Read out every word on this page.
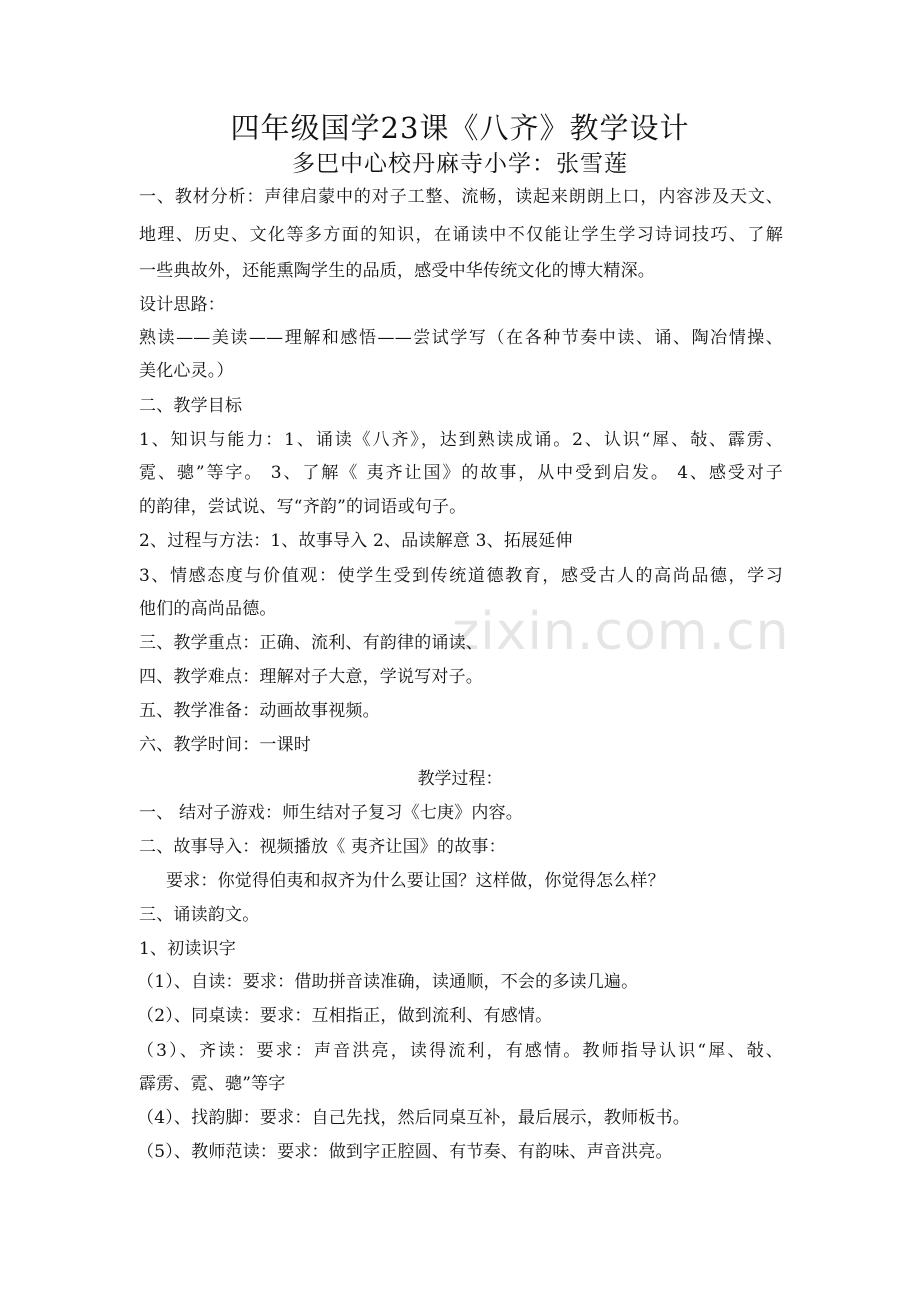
四年级国学23课《八齐》教学设计
多巴中心校丹麻寺小学：张雪莲
一、教材分析：声律启蒙中的对子工整、流畅，读起来朗朗上口，内容涉及天文、
地理、历史、文化等多方面的知识，在诵读中不仅能让学生学习诗词技巧、了解
一些典故外，还能熏陶学生的品质，感受中华传统文化的博大精深。
设计思路：
熟读——美读——理解和感悟——尝试学写（在各种节奏中读、诵、陶冶情操、
美化心灵。）
二、教学目标
1、知识与能力：1、诵读《八齐》，达到熟读成诵。2、认识“犀、敧、霹雳、
霓、骢”等字。 3、了解《 夷齐让国》的故事，从中受到启发。 4、感受对子
的韵律，尝试说、写“齐韵”的词语或句子。
2、过程与方法：1、故事导入 2、品读解意 3、拓展延伸
3、情感态度与价值观：使学生受到传统道德教育，感受古人的高尚品德，学习
他们的高尚品德。
三、教学重点：正确、流利、有韵律的诵读、
四、教学难点：理解对子大意，学说写对子。
五、教学准备：动画故事视频。
六、教学时间：一课时
教学过程：
一、 结对子游戏：师生结对子复习《七庚》内容。
二、故事导入：视频播放《 夷齐让国》的故事：
要求：你觉得伯夷和叔齐为什么要让国？这样做，你觉得怎么样？
三、诵读韵文。
1、初读识字
（1）、自读：要求：借助拼音读准确，读通顺，不会的多读几遍。
（2）、同桌读：要求：互相指正，做到流利、有感情。
（3）、齐读：要求：声音洪亮，读得流利，有感情。教师指导认识“犀、敧、
霹雳、霓、骢”等字
（4）、找韵脚：要求：自己先找，然后同桌互补，最后展示，教师板书。
（5）、教师范读：要求：做到字正腔圆、有节奏、有韵味、声音洪亮。
zixin.com.cn
